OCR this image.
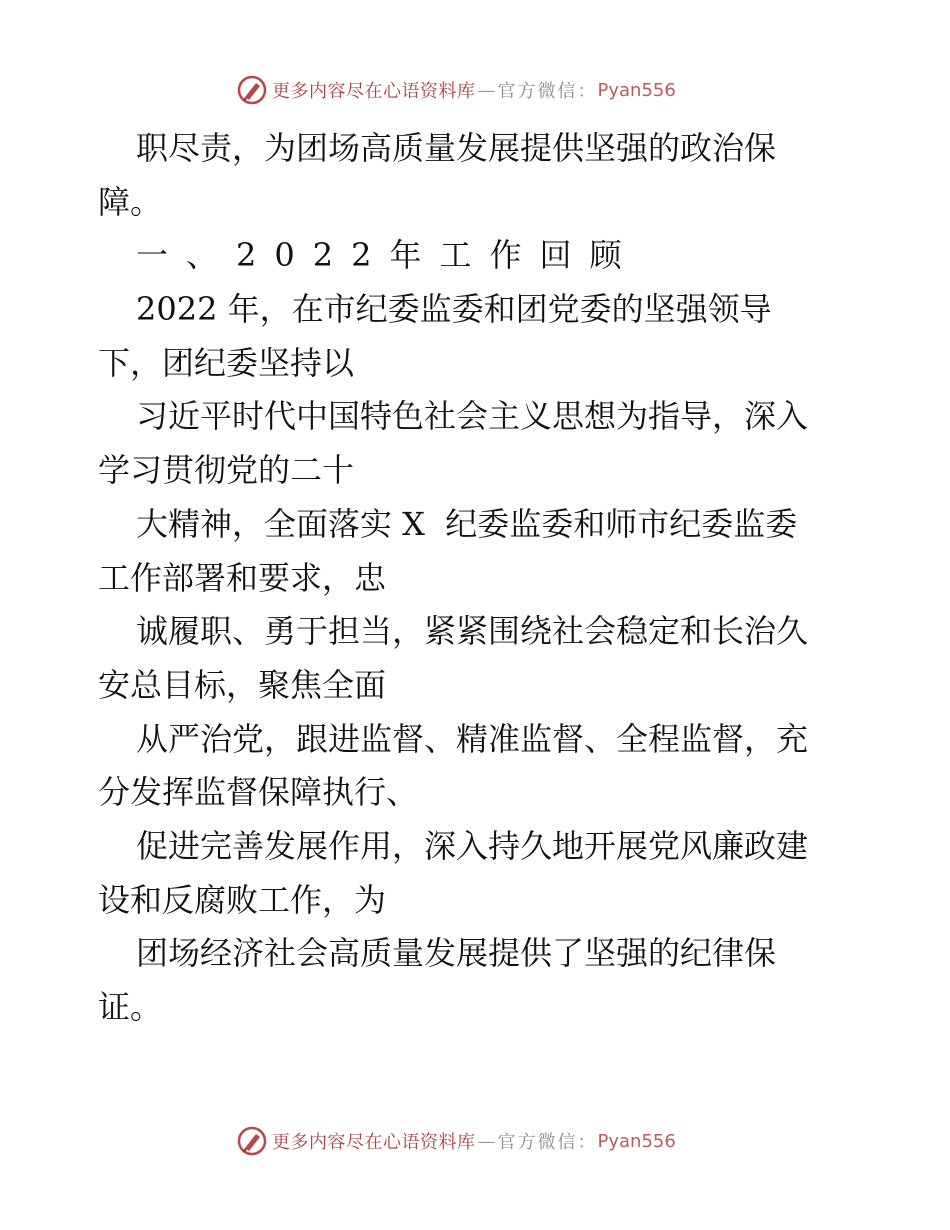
更多内容尽在心语资料库 — 官方微信： Pyan556
职尽责，为团场高质量发展提供坚强的政治保
障。
一、2022年工作回顾
2022 年，在市纪委监委和团党委的坚强领导
下，团纪委坚持以
习近平时代中国特色社会主义思想为指导，深入
学习贯彻党的二十
大精神，全面落实 X  纪委监委和师市纪委监委
工作部署和要求，忠
诚履职、勇于担当，紧紧围绕社会稳定和长治久
安总目标，聚焦全面
从严治党，跟进监督、精准监督、全程监督，充
分发挥监督保障执行、
促进完善发展作用，深入持久地开展党风廉政建
设和反腐败工作，为
团场经济社会高质量发展提供了坚强的纪律保
证。
更多内容尽在心语资料库 — 官方微信： Pyan556
